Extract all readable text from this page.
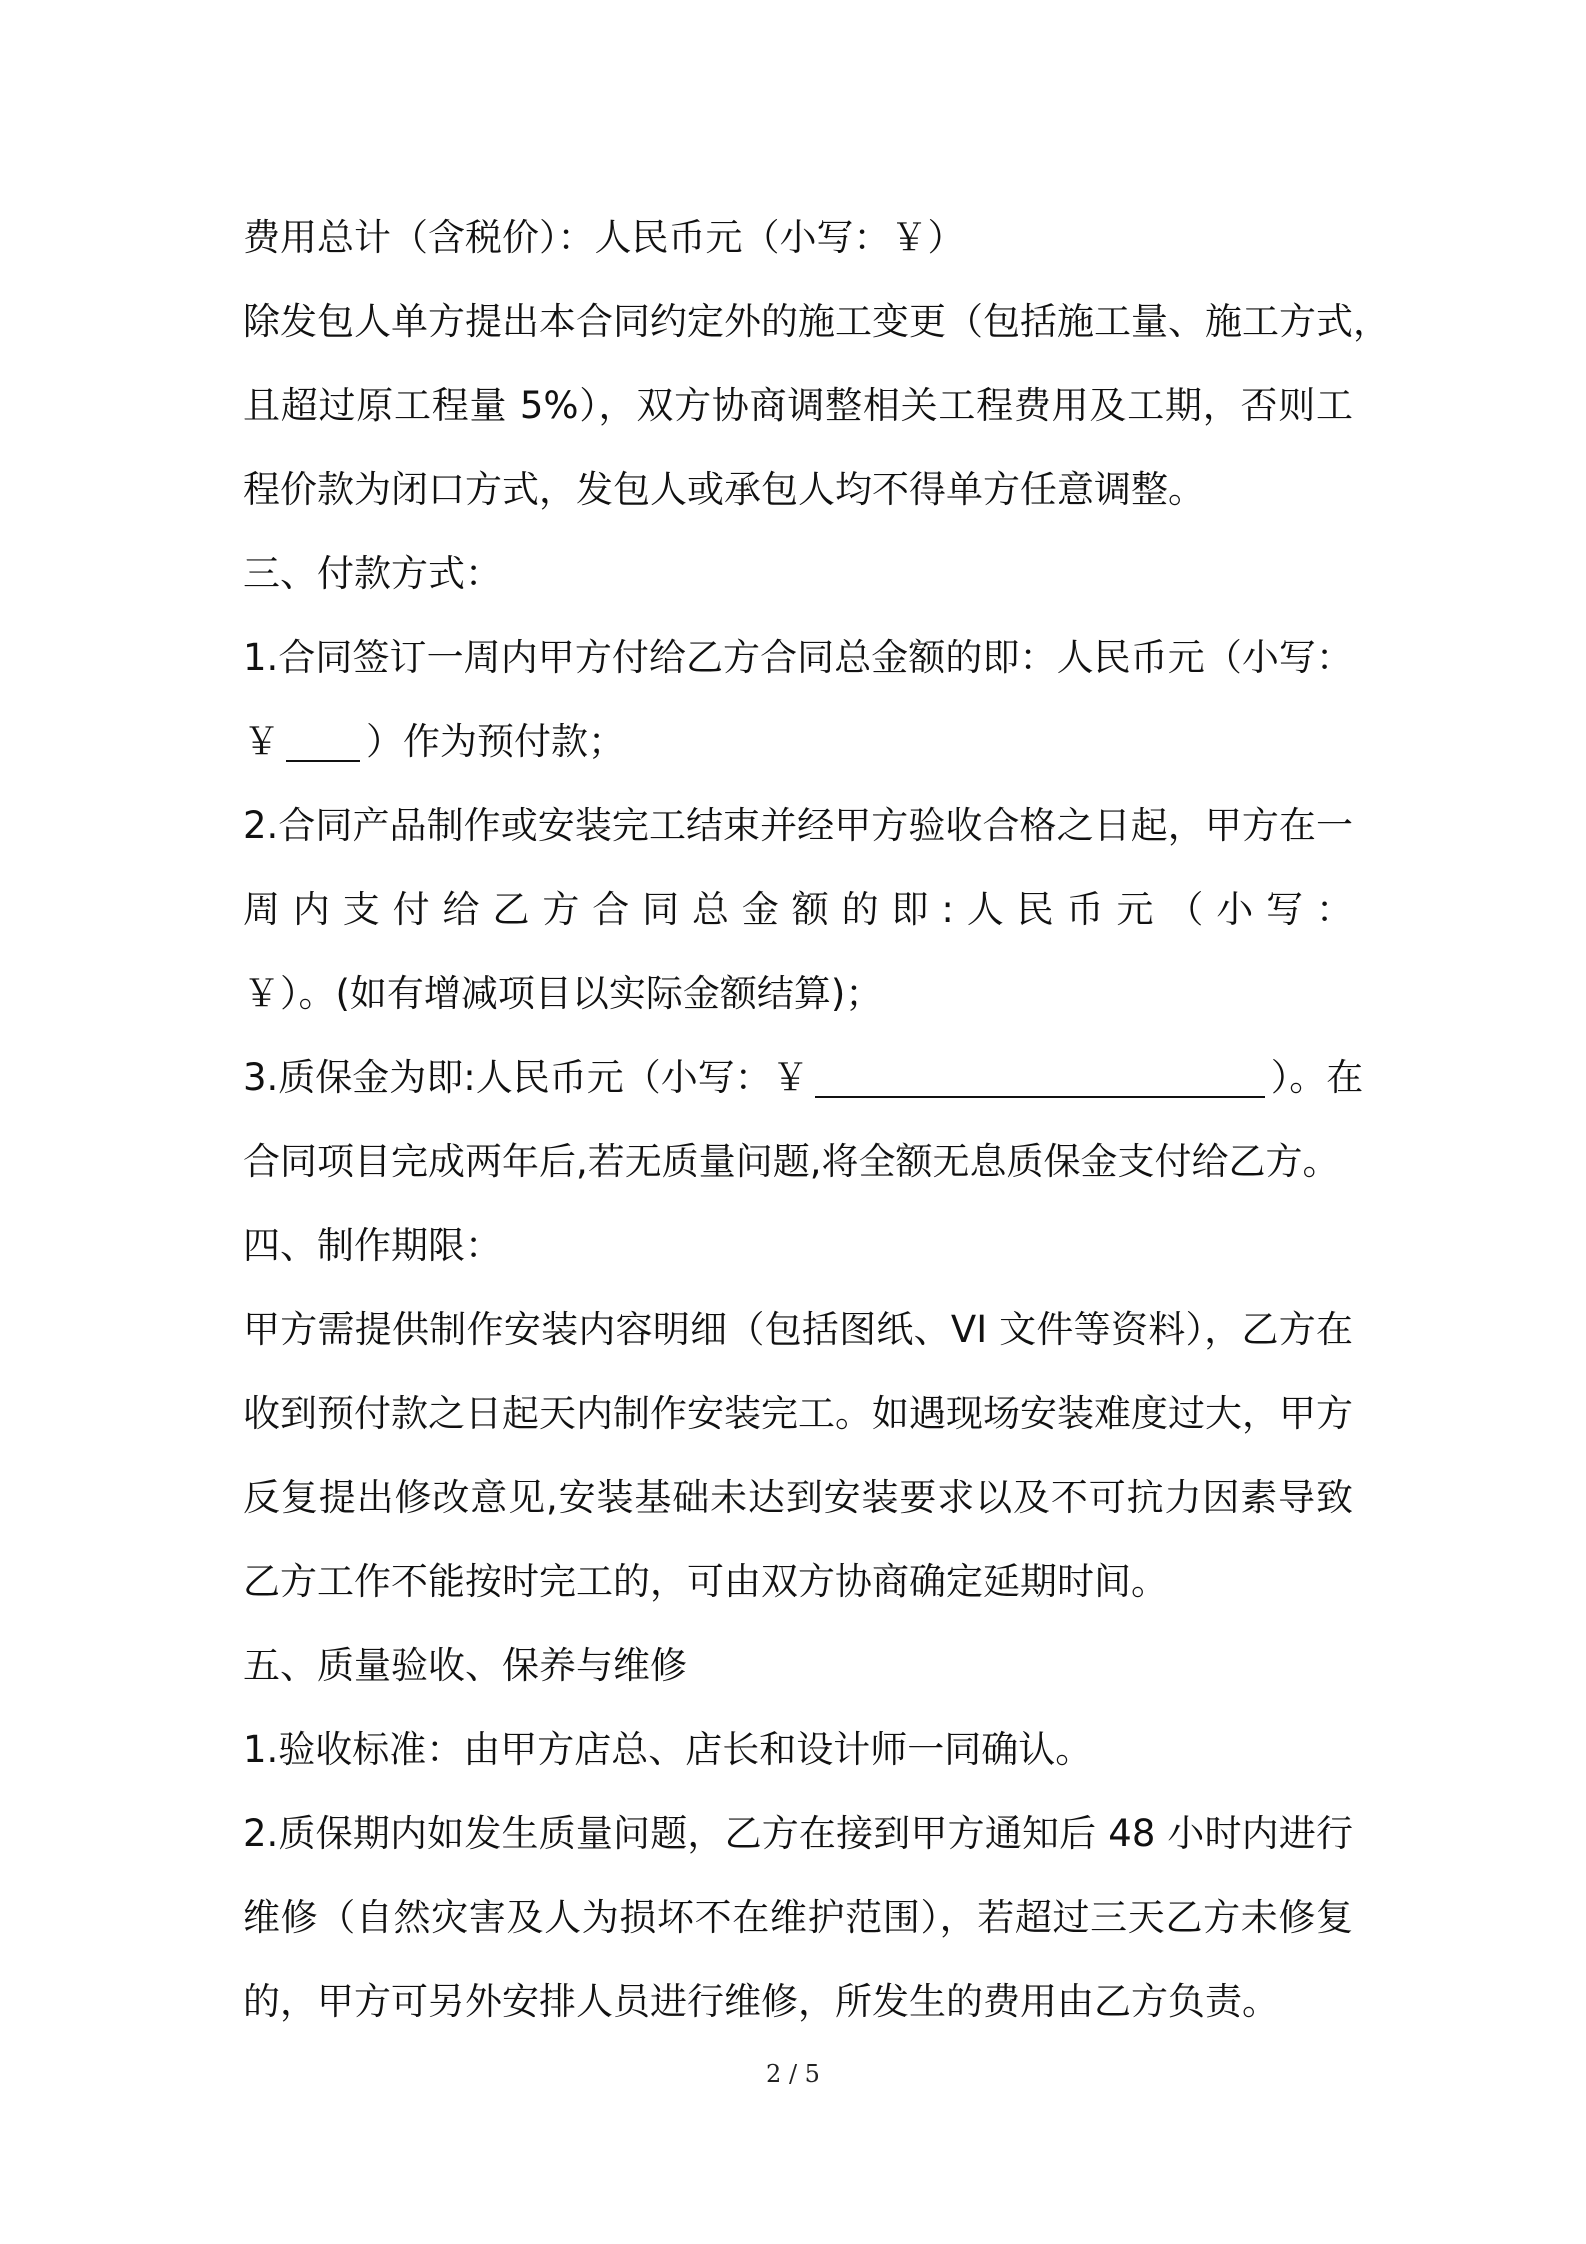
费用总计（含税价）：人民币元（小写：￥）
除发包人单方提出本合同约定外的施工变更（包括施工量、施工方式，
且超过原工程量 5%），双方协商调整相关工程费用及工期，否则工
程价款为闭口方式，发包人或承包人均不得单方任意调整。
三、付款方式：
1.合同签订一周内甲方付给乙方合同总金额的即：人民币元（小写：
￥ ）作为预付款；
2.合同产品制作或安装完工结束并经甲方验收合格之日起，甲方在一
周内支付给乙方合同总金额的即:人民币元（小写：
￥）。(如有增减项目以实际金额结算)；
3.质保金为即:人民币元（小写：￥	）。在
合同项目完成两年后,若无质量问题,将全额无息质保金支付给乙方。
四、制作期限：
甲方需提供制作安装内容明细（包括图纸、VI 文件等资料），乙方在
收到预付款之日起天内制作安装完工。如遇现场安装难度过大，甲方
反复提出修改意见,安装基础未达到安装要求以及不可抗力因素导致
乙方工作不能按时完工的，可由双方协商确定延期时间。
五、质量验收、保养与维修
1.验收标准：由甲方店总、店长和设计师一同确认。
2.质保期内如发生质量问题，乙方在接到甲方通知后 48 小时内进行
维修（自然灾害及人为损坏不在维护范围），若超过三天乙方未修复
的，甲方可另外安排人员进行维修，所发生的费用由乙方负责。
2 / 5
